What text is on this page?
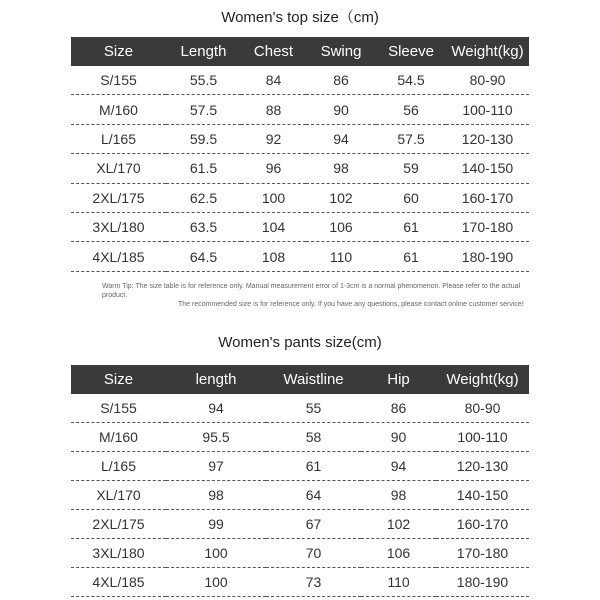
Women's top size（cm)
Size	Length	Chest	Swing	Sleeve	Weight(kg)
S/155	55.5	84	86	54.5	80-90
M/160	57.5	88	90	56	100-110
L/165	59.5	92	94	57.5	120-130
XL/170	61.5	96	98	59	140-150
2XL/175	62.5	100	102	60	160-170
3XL/180	63.5	104	106	61	170-180
4XL/185	64.5	108	110	61	180-190
Warm Tip: The size table is for reference only. Manual measurement error of 1-3cm is a normal phenomenon. Please refer to the actual product.
The recommended size is for reference only. If you have any questions, please contact online customer service!
Women's pants size(cm)
Size	length	Waistline	Hip	Weight(kg)
S/155	94	55	86	80-90
M/160	95.5	58	90	100-110
L/165	97	61	94	120-130
XL/170	98	64	98	140-150
2XL/175	99	67	102	160-170
3XL/180	100	70	106	170-180
4XL/185	100	73	110	180-190
